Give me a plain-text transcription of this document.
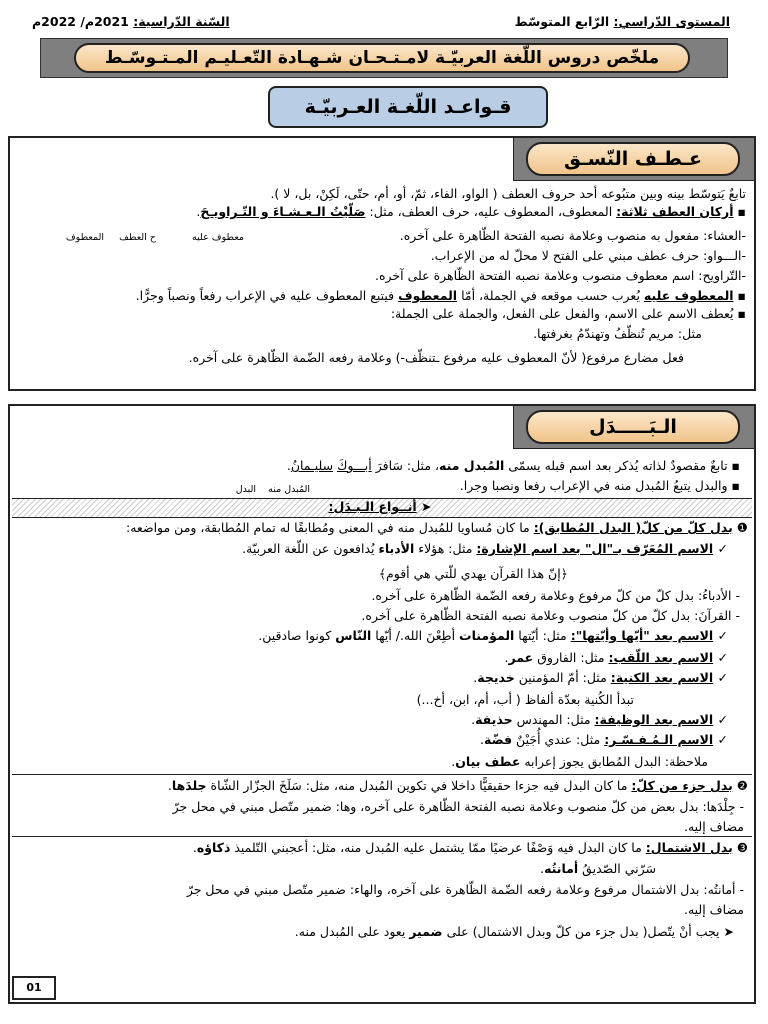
المستوى الدّراسي: الرّابع المتوسّط
السّنة الدّراسية: 2021م/ 2022م
ملخّص دروس اللّغة العربيّـة لامـتـحـان شـهـادة التّعـليـم المـتـوسّـط
قـواعـد اللّغـة العـربيّـة
عـطـف النّسـق
تابعٌ يَتوسّط بينه وبين متبُوعه أحد حروف العطف ( الواو، الفاء، ثمّ، أو، أم، حتّى، لَكِنْ، بل، لا ).
▪ أركان العطف ثلاثة: المعطوف، المعطوف عليه، حرف العطف، مثل: صَلّيْتُ الـعـشـاءَ و التّـراويـحَ.
المعطوف ح العطف	معطوف عليه	-العشاء: مفعول به منصوب وعلامة نصبه الفتحة الظّاهرة على آخره.
-الـــواو: حرف عطف مبني على الفتح لا محلّ له من الإعراب.
-التّراويح: اسم معطوف منصوب وعلامة نصبه الفتحة الظّاهرة على آخره.
▪ المعطوف عليه يُعرب حسب موقعه في الجملة، أمّا المعطوف فيتبع المعطوف عليه في الإعراب رفعاً ونصباً وجرًّا.
▪ يُعطف الاسم على الاسم، والفعل على الفعل، والجملة على الجملة:
مثل: مريم تُنظّفُ وتهندّمُ بغرفتها.
فعل مضارع مرفوع( لأنّ المعطوف عليه مرفوع ـتنظّف-) وعلامة رفعه الضّمة الظّاهرة على آخره.
الـبَـــــدَل
▪ تابعٌ مقصودٌ لذاته يُذكر بعد اسم قبله يسمّى المُبدل منه، مثل: سَافرَ أبـــوكَ سليـمانُ.
▪ والبدل يتبعُ المُبدل منه في الإعراب رفعا ونصبا وجرا.
المُبدل منه
البدل
➤ أنــواع الـبـدَل:
❶ بدل كلّ من كلّ( البدل المُطابق): ما كان مُساويا للمُبدل منه في المعنى ومُطابقًا له تمام المُطابقة، ومن مواضعه:
✓ الاسم المُعَرّف بـ"ال" بعد اسم الإشارة: مثل: هؤلاء الأدباء يُدافعون عن اللّغة العربيّة.
﴿إنّ هذا القرآن يهدي للّتي هي أقوم﴾
- الأدباءُ: بدل كلّ من كلّ مرفوع وعلامة رفعه الضّمة الظّاهرة على آخره.
- القرآنَ: بدل كلّ من كلّ منصوب وعلامة نصبه الفتحة الظّاهرة على آخره.
✓ الاسم بعد "أيّها وأيّتها": مثل: أيّتها المؤمنات أطِعْنَ الله./ أيّها النّاس كونوا صادقين.
✓ الاسم بعد اللّقب: مثل: الفاروق عمر.
✓ الاسم بعد الكنية: مثل: أمّ المؤمنين خديجة.
تبدأ الكُنية بعدّة ألفاظ ( أب، أم، ابن، أخ...)
✓ الاسم بعد الوظيفة: مثل: المهندس حذيفة.
✓ الاسم الـمُـفـسّـر: مثل: عندي أُجَيْنٌ فضّة.
ملاحظة: البدل المُطابق يجوز إعرابه عطف بيان.
❷ بدل جزء من كلّ: ما كان البدل فيه جزءا حقيقيًّا داخلا في تكوين المُبدل منه، مثل: سَلَخَ الجزّار الشّاة جلدَها.
- جِلْدَها: بدل بعض من كلّ منصوب وعلامة نصبه الفتحة الظّاهرة على آخره، وها: ضمير متّصل مبني في محل جرّ
مضاف إليه.
❸ بدل الاشتمال: ما كان البدل فيه وَصْفًا عرضيًا ممّا يشتمل عليه المُبدل منه، مثل: أعجبني التّلميذ ذكاؤه.
سَرّني الصّديقُ أمانتُه.
- أمانتُه: بدل الاشتمال مرفوع وعلامة رفعه الضّمة الظّاهرة على آخره، والهاء: ضمير متّصل مبني في محل جرّ
مضاف إليه.
➤ يجب أنْ يتّصل( بدل جزء من كلّ وبدل الاشتمال) على ضمير يعود على المُبدل منه.
01
